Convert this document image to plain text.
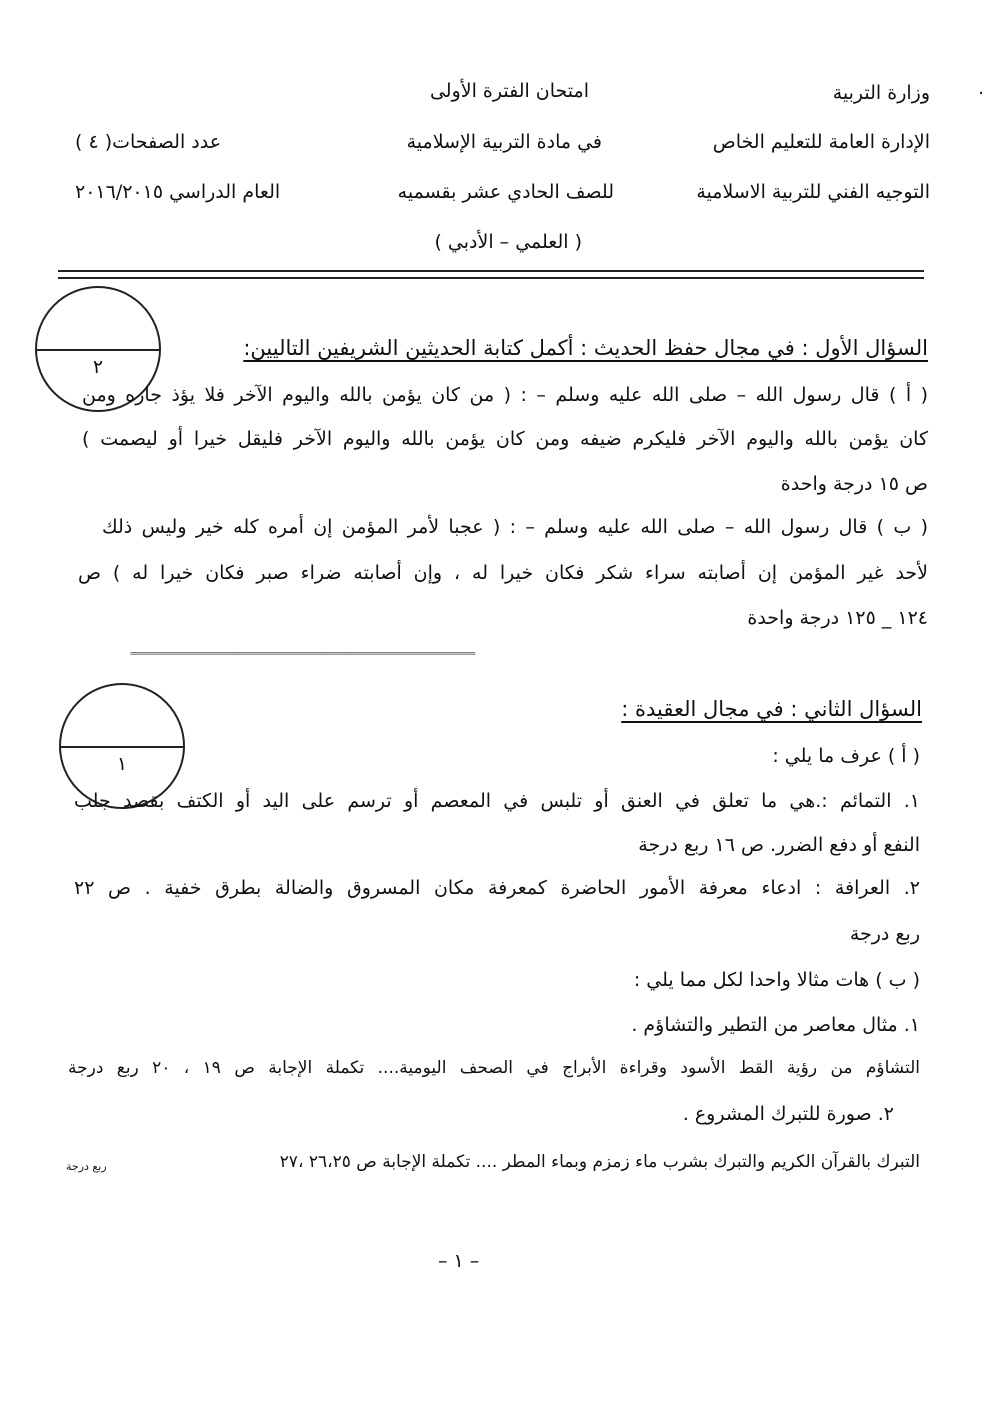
.
وزارة التربية
الإدارة العامة للتعليم الخاص
التوجيه الفني للتربية الاسلامية
امتحان الفترة الأولى
في مادة التربية الإسلامية
للصف الحادي عشر بقسميه
( العلمي – الأدبي )
عدد الصفحات( ٤ )
العام الدراسي ٢٠١٦/٢٠١٥
٢
السؤال الأول : في مجال حفظ الحديث : أكمل كتابة الحديثين الشريفين التاليين:
( أ ) قال رسول الله – صلى الله عليه وسلم – : ( من كان يؤمن بالله واليوم الآخر فلا يؤذ جاره ومن
كان يؤمن بالله واليوم الآخر فليكرم ضيفه ومن كان يؤمن بالله واليوم الآخر فليقل خيرا أو ليصمت )
ص ١٥ درجة واحدة
( ب ) قال رسول الله – صلى الله عليه وسلم – : ( عجبا لأمر المؤمن إن أمره كله خير وليس ذلك
لأحد غير المؤمن إن أصابته سراء شكر فكان خيرا له ، وإن أصابته ضراء صبر فكان خيرا له ) ص
١٢٤ _ ١٢٥ درجة واحدة
==============================================================================
١
السؤال الثاني : في مجال العقيدة :
( أ ) عرف ما يلي :
١. التمائم :.هي ما تعلق في العنق أو تلبس في المعصم أو ترسم على اليد أو الكتف بقصد جلب
النفع أو دفع الضرر. ص ١٦ ربع درجة
٢. العرافة : ادعاء معرفة الأمور الحاضرة كمعرفة مكان المسروق والضالة بطرق خفية . ص ٢٢
ربع درجة
( ب ) هات مثالا واحدا لكل مما يلي :
١. مثال معاصر من التطير والتشاؤم .
التشاؤم من رؤية القط الأسود وقراءة الأبراج في الصحف اليومية.... تكملة الإجابة ص ١٩ ، ٢٠ ربع درجة
٢. صورة للتبرك المشروع .
التبرك بالقرآن الكريم والتبرك بشرب ماء زمزم وبماء المطر .... تكملة الإجابة ص ٢٦،٢٥ ،٢٧
ربع درجة
– ١ –
